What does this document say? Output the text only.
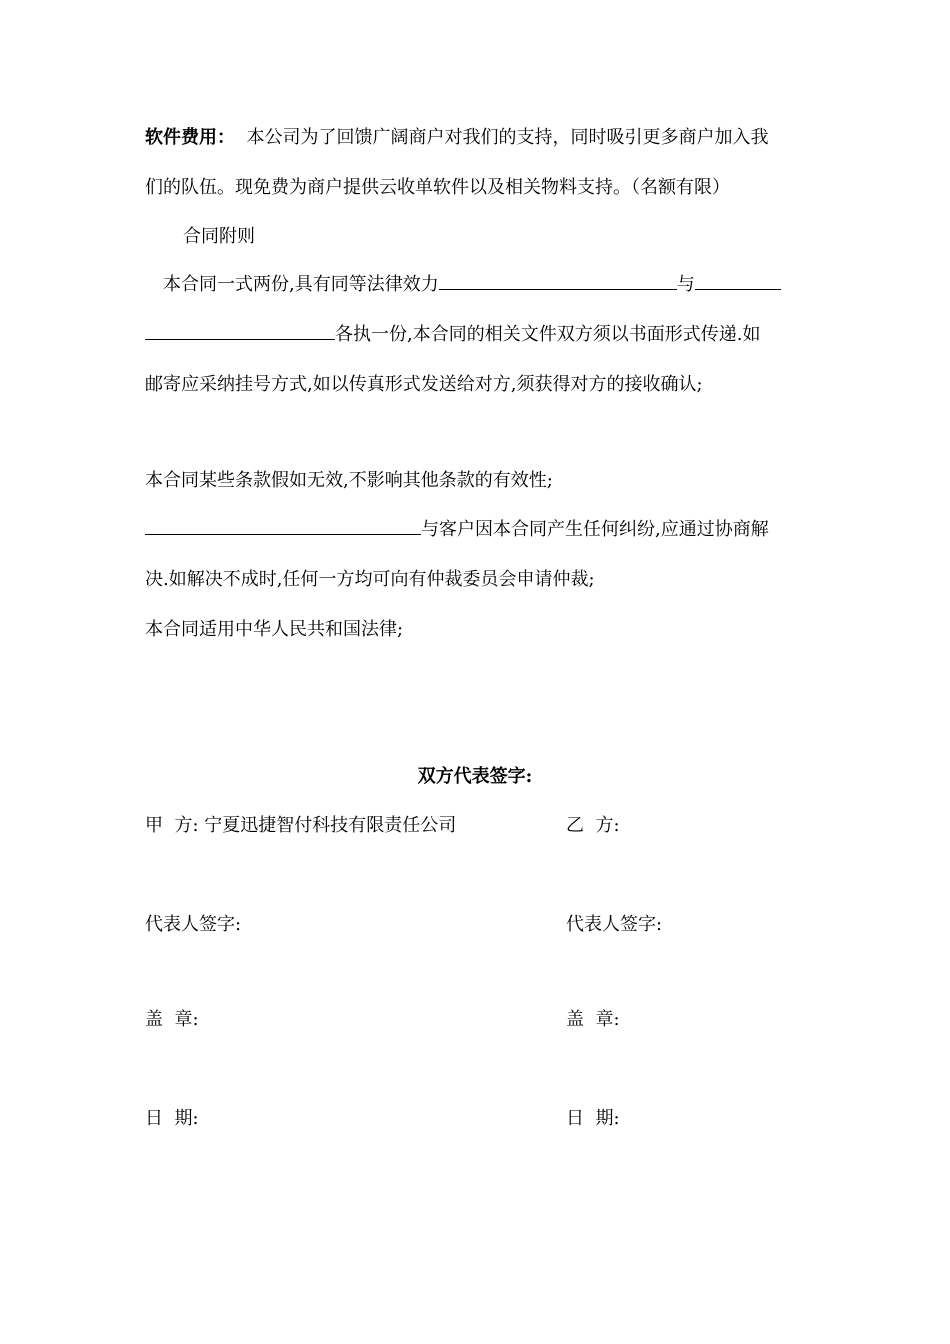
软件费用： 本公司为了回馈广阔商户对我们的支持，同时吸引更多商户加入我
们的队伍。现免费为商户提供云收单软件以及相关物料支持。（名额有限）
合同附则
本合同一式两份,具有同等法律效力	与
各执一份,本合同的相关文件双方须以书面形式传递.如
邮寄应采纳挂号方式,如以传真形式发送给对方,须获得对方的接收确认;
本合同某些条款假如无效,不影响其他条款的有效性;
与客户因本合同产生任何纠纷,应通过协商解
决.如解决不成时,任何一方均可向有仲裁委员会申请仲裁;
本合同适用中华人民共和国法律;
双方代表签字:
甲  方: 宁夏迅捷智付科技有限责任公司
代表人签字:
盖  章:
日  期:
乙  方:
代表人签字:
盖  章:
日  期:
